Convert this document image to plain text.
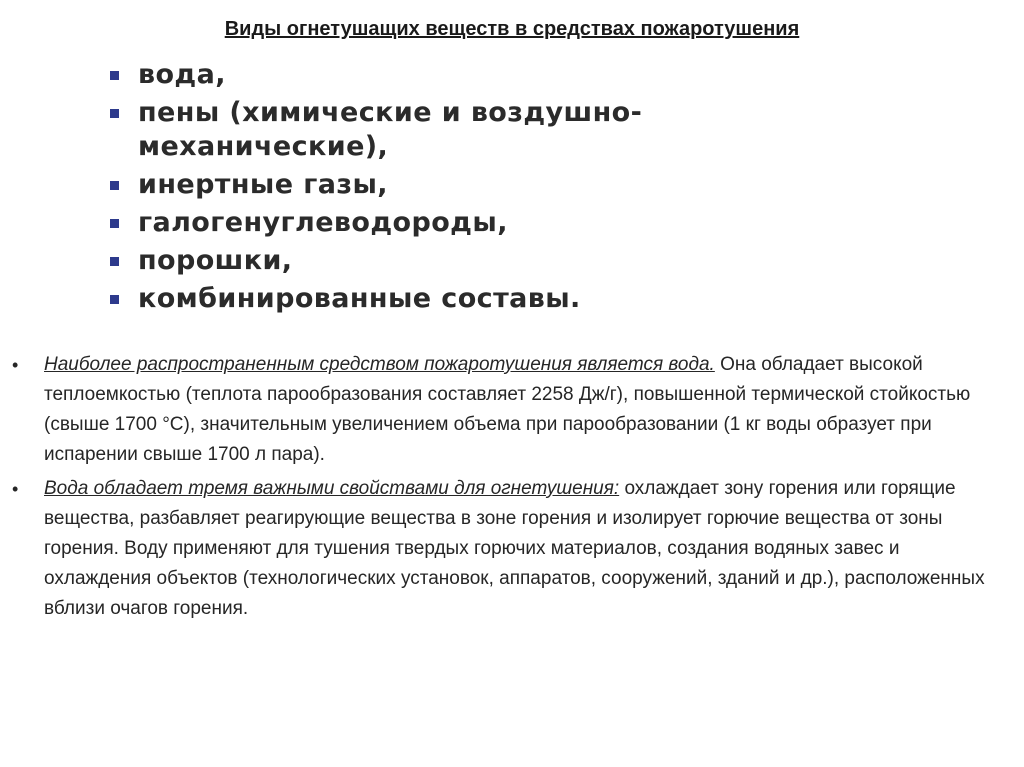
Виды огнетушащих веществ в средствах пожаротушения
вода,
пены (химические и воздушно-механические),
инертные газы,
галогенуглеводороды,
порошки,
комбинированные составы.
• Наиболее распространенным средством пожаротушения является вода. Она обладает высокой теплоемкостью (теплота парообразования составляет 2258 Дж/г), повышенной термической стойкостью (свыше 1700 °С), значительным увеличением объема при парообразовании (1 кг воды образует при испарении свыше 1700 л пара).
• Вода обладает тремя важными свойствами для огнетушения: охлаждает зону горения или горящие вещества, разбавляет реагирующие вещества в зоне горения и изолирует горючие вещества от зоны горения. Воду применяют для тушения твердых горючих материалов, создания водяных завес и охлаждения объектов (технологических установок, аппаратов, сооружений, зданий и др.), расположенных вблизи очагов горения.
